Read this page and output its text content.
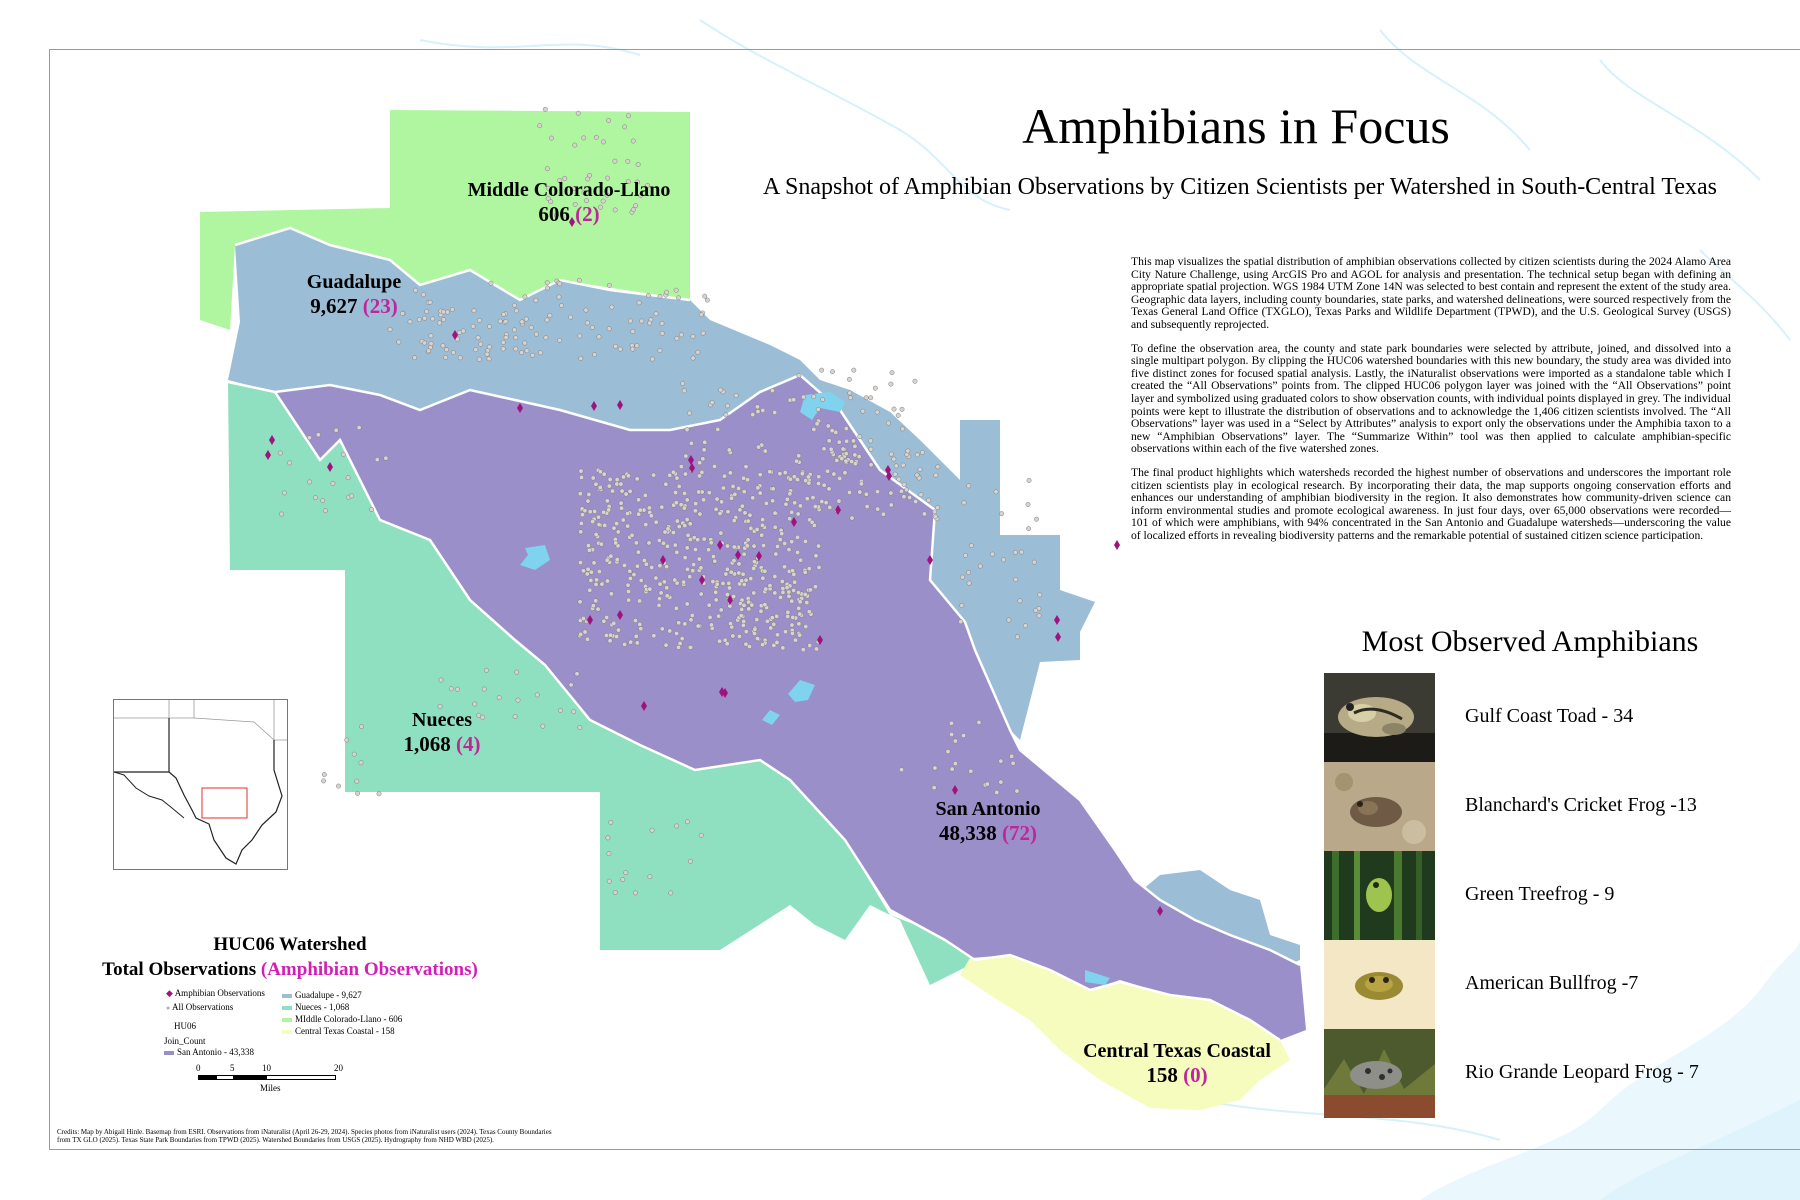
Middle Colorado-Llano
606 (2)
Guadalupe
9,627 (23)
Nueces
1,068 (4)
San Antonio
48,338 (72)
Central Texas Coastal
158 (0)
Amphibians in Focus
A Snapshot of Amphibian Observations by Citizen Scientists per Watershed in South-Central Texas

This map visualizes the spatial distribution of amphibian observations collected by citizen scientists during the 2024 Alamo Area City Nature Challenge, using ArcGIS Pro and AGOL for analysis and presentation. The technical setup began with defining an appropriate spatial projection. WGS 1984 UTM Zone 14N was selected to best contain and represent the extent of the study area. Geographic data layers, including county boundaries, state parks, and watershed delineations, were sourced respectively from the Texas General Land Office (TXGLO), Texas Parks and Wildlife Department (TPWD), and the U.S. Geological Survey (USGS) and subsequently reprojected.

To define the observation area, the county and state park boundaries were selected by attribute, joined, and dissolved into a single multipart polygon. By clipping the HUC06 watershed boundaries with this new boundary, the study area was divided into five distinct zones for focused spatial analysis. Lastly, the iNaturalist observations were imported as a standalone table which I created the “All Observations” points from. The clipped HUC06 polygon layer was joined with the “All Observations” point layer and symbolized using graduated colors to show observation counts, with individual points displayed in grey. The individual points were kept to illustrate the distribution of observations and to acknowledge the 1,406 citizen scientists involved. The “All Observations” layer was used in a “Select by Attributes” analysis to export only the observations under the Amphibia taxon to a new “Amphibian Observations” layer. The “Summarize Within” tool was then applied to calculate amphibian-specific observations within each of the five watershed zones.

The final product highlights which watersheds recorded the highest number of observations and underscores the important role citizen scientists play in ecological research. By incorporating their data, the map supports ongoing conservation efforts and enhances our understanding of amphibian biodiversity in the region. It also demonstrates how community-driven science can inform environmental studies and promote ecological awareness. In just four days, over 65,000 observations were recorded—101 of which were amphibians, with 94% concentrated in the San Antonio and Guadalupe watersheds—underscoring the value of localized efforts in revealing biodiversity patterns and the remarkable potential of sustained citizen science participation.

Most Observed Amphibians
Gulf Coast Toad - 34
Blanchard's Cricket Frog -13
Green Treefrog - 9
American Bullfrog -7
Rio Grande Leopard Frog - 7
HUC06 Watershed
Total Observations (Amphibian Observations)
◆ Amphibian Observations
● All Observations
HU06
Join_Count
San Antonio - 43,338
Guadalupe - 9,627
Nueces - 1,068
MIddle Colorado-Llano - 606
Central Texas Coastal - 158
0	5	10	20
Miles
Credits: Map by Abigail Hinle. Basemap from ESRI. Observations from iNaturalist (April 26-29, 2024). Species photos from iNaturalist users (2024). Texas County Boundaries from TX GLO (2025). Texas State Park Boundaries from TPWD (2025). Watershed Boundaries from USGS (2025). Hydrography from NHD WBD (2025).
